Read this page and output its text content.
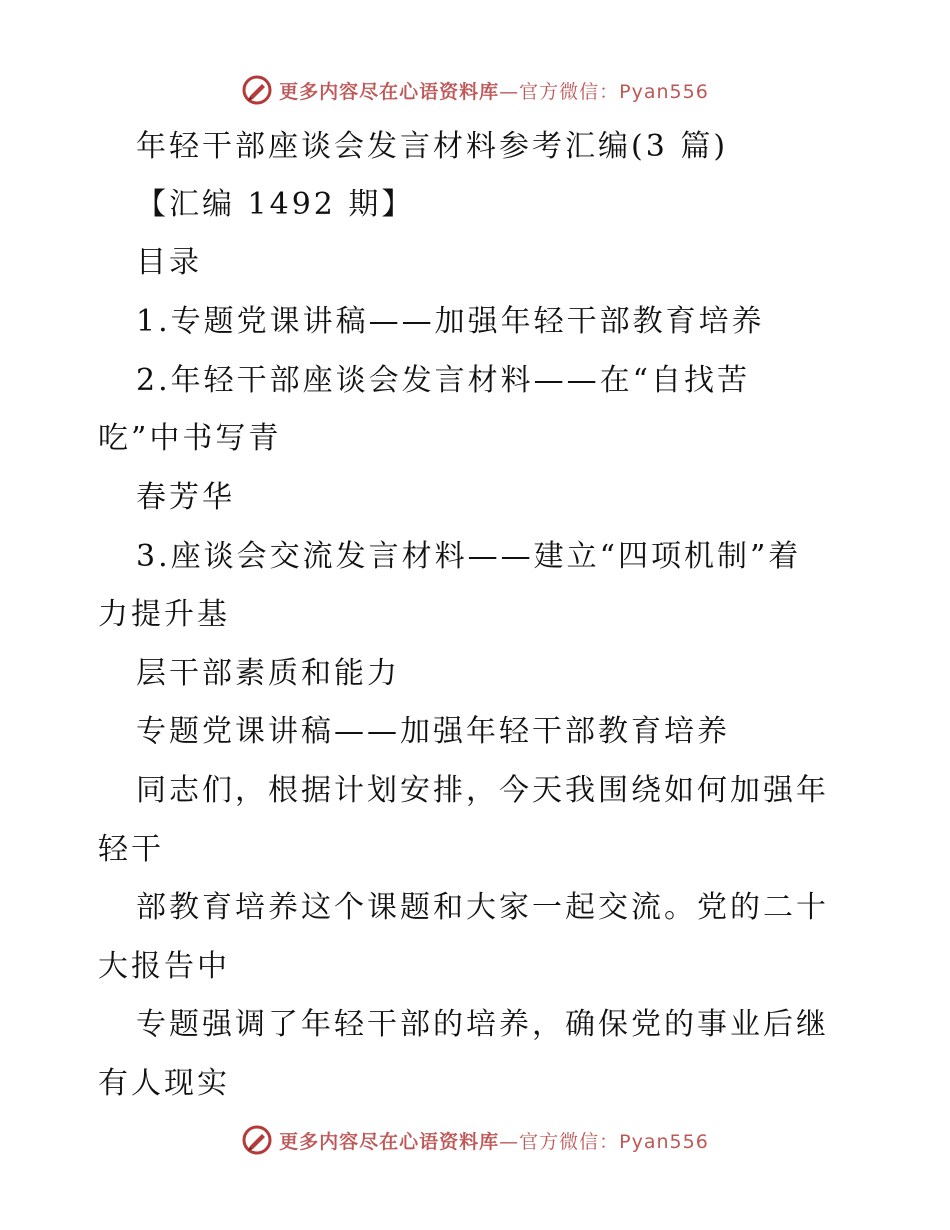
更多内容尽在心语资料库—官方微信：Pyan556
年轻干部座谈会发言材料参考汇编(3 篇)
【汇编 1492 期】
目录
1.专题党课讲稿——加强年轻干部教育培养
2.年轻干部座谈会发言材料——在“自找苦
吃”中书写青
春芳华
3.座谈会交流发言材料——建立“四项机制”着
力提升基
层干部素质和能力
专题党课讲稿——加强年轻干部教育培养
同志们，根据计划安排，今天我围绕如何加强年
轻干
部教育培养这个课题和大家一起交流。党的二十
大报告中
专题强调了年轻干部的培养，确保党的事业后继
有人现实
更多内容尽在心语资料库—官方微信：Pyan556
